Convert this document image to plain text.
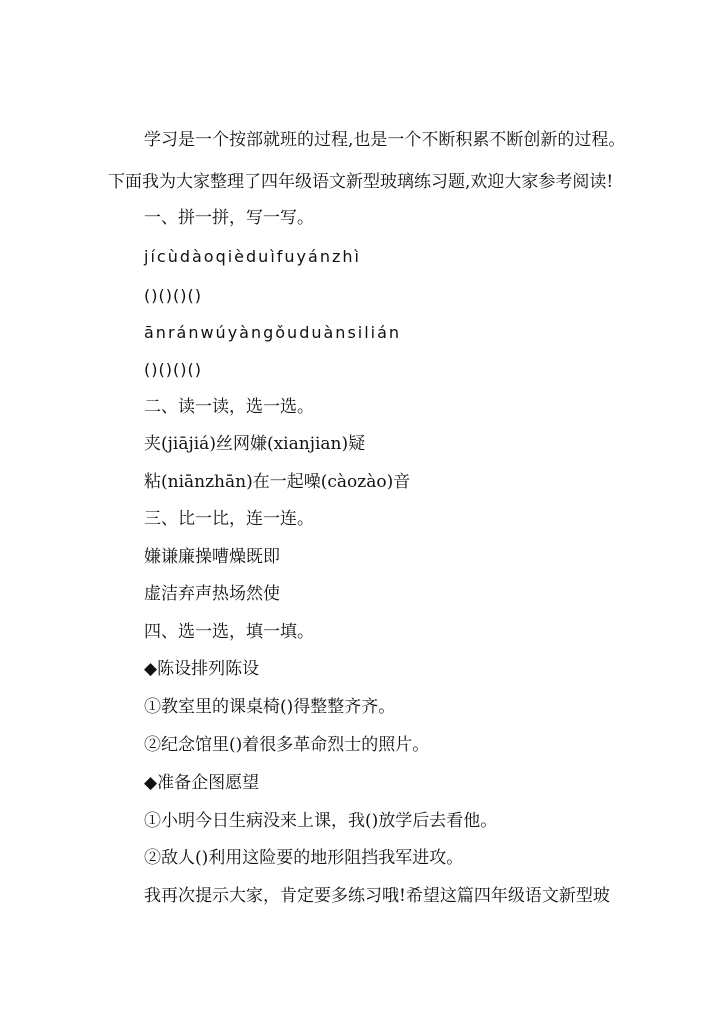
学习是一个按部就班的过程,也是一个不断积累不断创新的过程。
下面我为大家整理了四年级语文新型玻璃练习题,欢迎大家参考阅读!
一、拼一拼，写一写。
jícùdàoqièduìfuyánzhì
()()()()
ānránwúyàngǒuduànsilián
()()()()
二、读一读，选一选。
夹(jiājiá)丝网嫌(xianjian)疑
粘(niānzhān)在一起噪(càozào)音
三、比一比，连一连。
嫌谦廉操嘈燥既即
虚洁弃声热场然使
四、选一选，填一填。
◆陈设排列陈设
①教室里的课桌椅()得整整齐齐。
②纪念馆里()着很多革命烈士的照片。
◆准备企图愿望
①小明今日生病没来上课，我()放学后去看他。
②敌人()利用这险要的地形阻挡我军进攻。
我再次提示大家，肯定要多练习哦!希望这篇四年级语文新型玻
